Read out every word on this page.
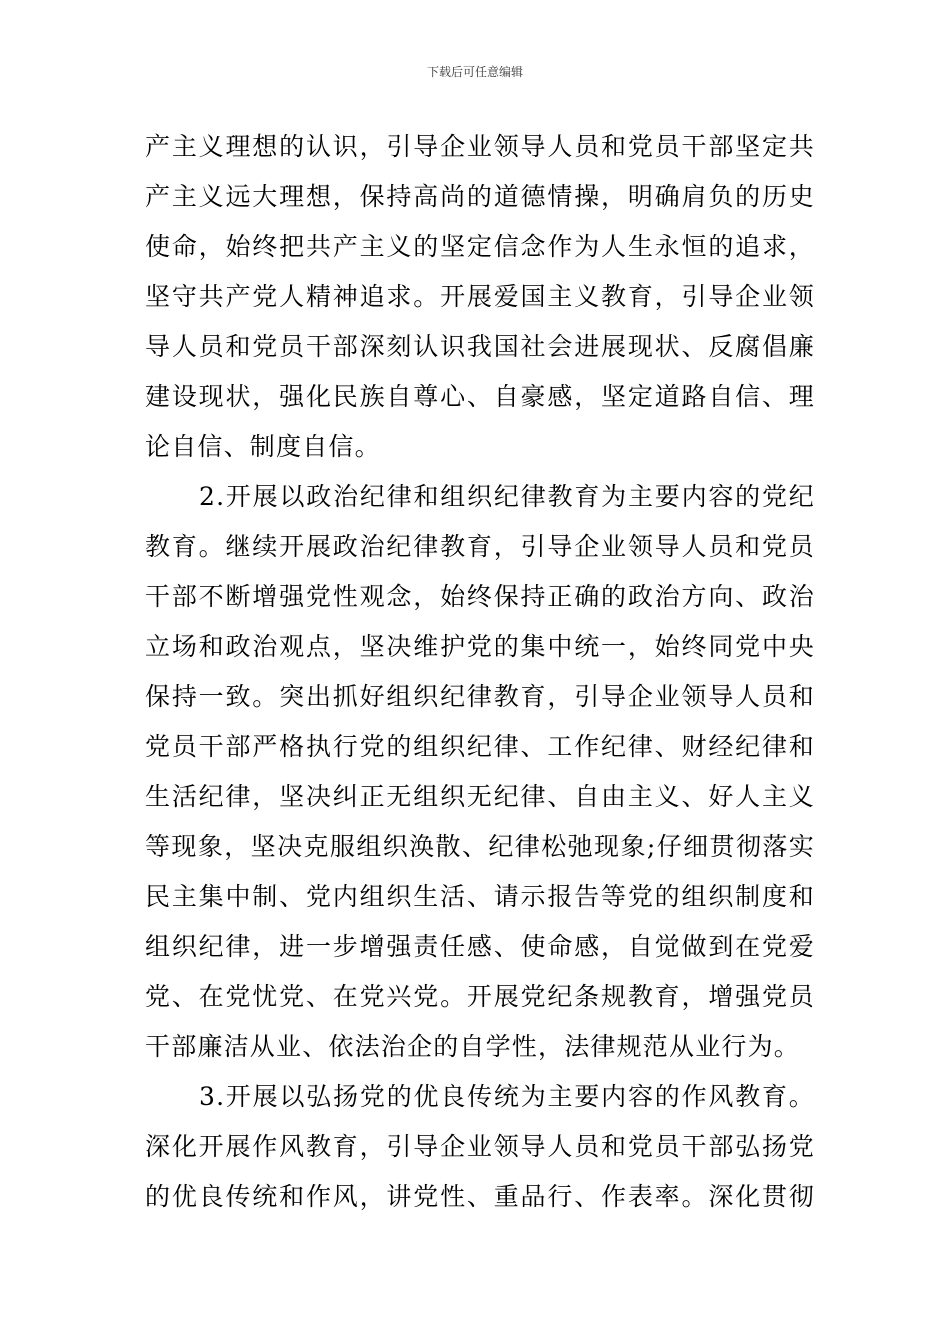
下载后可任意编辑
产主义理想的认识，引导企业领导人员和党员干部坚定共
产主义远大理想，保持高尚的道德情操，明确肩负的历史
使命，始终把共产主义的坚定信念作为人生永恒的追求，
坚守共产党人精神追求。开展爱国主义教育，引导企业领
导人员和党员干部深刻认识我国社会进展现状、反腐倡廉
建设现状，强化民族自尊心、自豪感，坚定道路自信、理
论自信、制度自信。
2.开展以政治纪律和组织纪律教育为主要内容的党纪
教育。继续开展政治纪律教育，引导企业领导人员和党员
干部不断增强党性观念，始终保持正确的政治方向、政治
立场和政治观点，坚决维护党的集中统一，始终同党中央
保持一致。突出抓好组织纪律教育，引导企业领导人员和
党员干部严格执行党的组织纪律、工作纪律、财经纪律和
生活纪律，坚决纠正无组织无纪律、自由主义、好人主义
等现象，坚决克服组织涣散、纪律松弛现象;仔细贯彻落实
民主集中制、党内组织生活、请示报告等党的组织制度和
组织纪律，进一步增强责任感、使命感，自觉做到在党爱
党、在党忧党、在党兴党。开展党纪条规教育，增强党员
干部廉洁从业、依法治企的自学性，法律规范从业行为。
3.开展以弘扬党的优良传统为主要内容的作风教育。
深化开展作风教育，引导企业领导人员和党员干部弘扬党
的优良传统和作风，讲党性、重品行、作表率。深化贯彻
